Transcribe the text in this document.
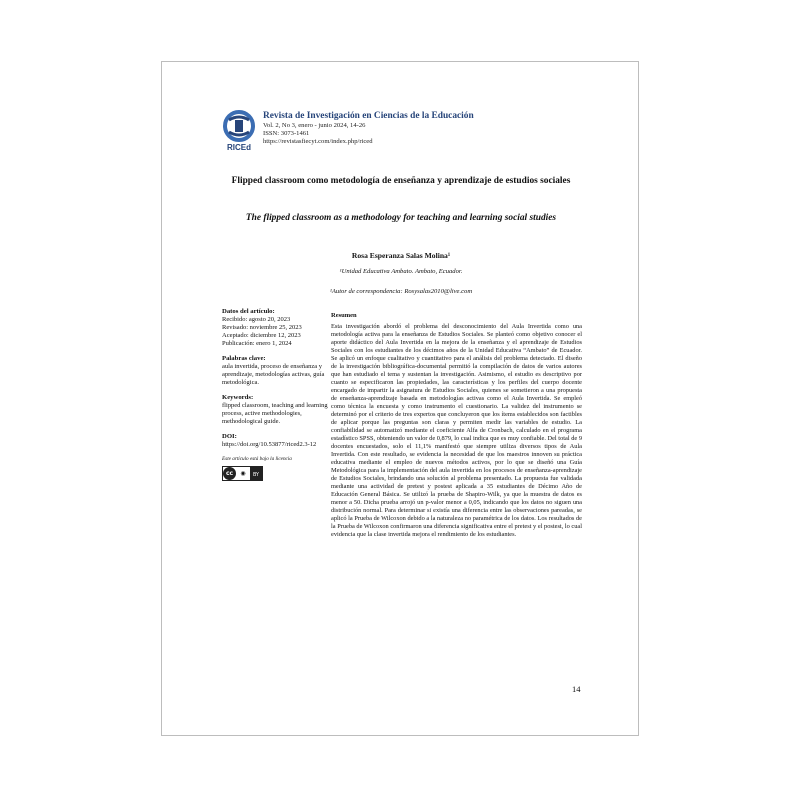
RICEd
Revista de Investigación en Ciencias de la Educación
Vol. 2, No 3, enero - junio 2024, 14-26
ISSN: 3073-1461
https://revistasfiecyt.com/index.php/riced
Flipped classroom como metodología de enseñanza y aprendizaje de estudios sociales
The flipped classroom as a methodology for teaching and learning social studies
Rosa Esperanza Salas Molina¹
¹Unidad Educativa Ambato. Ambato, Ecuador.
¹Autor de correspondencia: Rosysalas2010@live.com
Datos del artículo:
Recibido: agosto 20, 2023
Revisado: noviembre 25, 2023
Aceptado: diciembre 12, 2023
Publicación: enero 1, 2024
Palabras clave:
aula invertida, proceso de enseñanza y aprendizaje, metodologías activas, guía metodológica.
Keywords:
flipped classroom, teaching and learning process, active methodologies, methodological guide.
DOI:
https://doi.org/10.53877/riced2.3-12
Este artículo está bajo la licencia
cc	◉	BY
Resumen
Esta investigación abordó el problema del desconocimiento del Aula Invertida como una metodología activa para la enseñanza de Estudios Sociales. Se planteó como objetivo conocer el aporte didáctico del Aula Invertida en la mejora de la enseñanza y el aprendizaje de Estudios Sociales con los estudiantes de los décimos años de la Unidad Educativa “Ambato” de Ecuador. Se aplicó un enfoque cualitativo y cuantitativo para el análisis del problema detectado. El diseño de la investigación bibliográfica-documental permitió la compilación de datos de varios autores que han estudiado el tema y sustentan la investigación. Asimismo, el estudio es descriptivo por cuanto se especificaron las propiedades, las características y los perfiles del cuerpo docente encargado de impartir la asignatura de Estudios Sociales, quienes se sometieron a una propuesta de enseñanza-aprendizaje basada en metodologías activas como el Aula Invertida. Se empleó como técnica la encuesta y como instrumento el cuestionario. La validez del instrumento se determinó por el criterio de tres expertos que concluyeron que los ítems establecidos son factibles de aplicar porque las preguntas son claras y permiten medir las variables de estudio. La confiabilidad se automatizó mediante el coeficiente Alfa de Cronbach, calculado en el programa estadístico SPSS, obteniendo un valor de 0,879, lo cual indica que es muy confiable. Del total de 9 docentes encuestados, solo el 11,1% manifestó que siempre utiliza diversos tipos de Aula Invertida. Con este resultado, se evidencia la necesidad de que los maestros innoven su práctica educativa mediante el empleo de nuevos métodos activos, por lo que se diseñó una Guía Metodológica para la implementación del aula invertida en los procesos de enseñanza-aprendizaje de Estudios Sociales, brindando una solución al problema presentado. La propuesta fue validada mediante una actividad de pretest y postest aplicada a 35 estudiantes de Décimo Año de Educación General Básica. Se utilizó la prueba de Shapiro-Wilk, ya que la muestra de datos es menor a 50. Dicha prueba arrojó un p-valor menor a 0,05, indicando que los datos no siguen una distribución normal. Para determinar si existía una diferencia entre las observaciones pareadas, se aplicó la Prueba de Wilcoxon debido a la naturaleza no paramétrica de los datos. Los resultados de la Prueba de Wilcoxon confirmaron una diferencia significativa entre el pretest y el postest, lo cual evidencia que la clase invertida mejora el rendimiento de los estudiantes.
14
